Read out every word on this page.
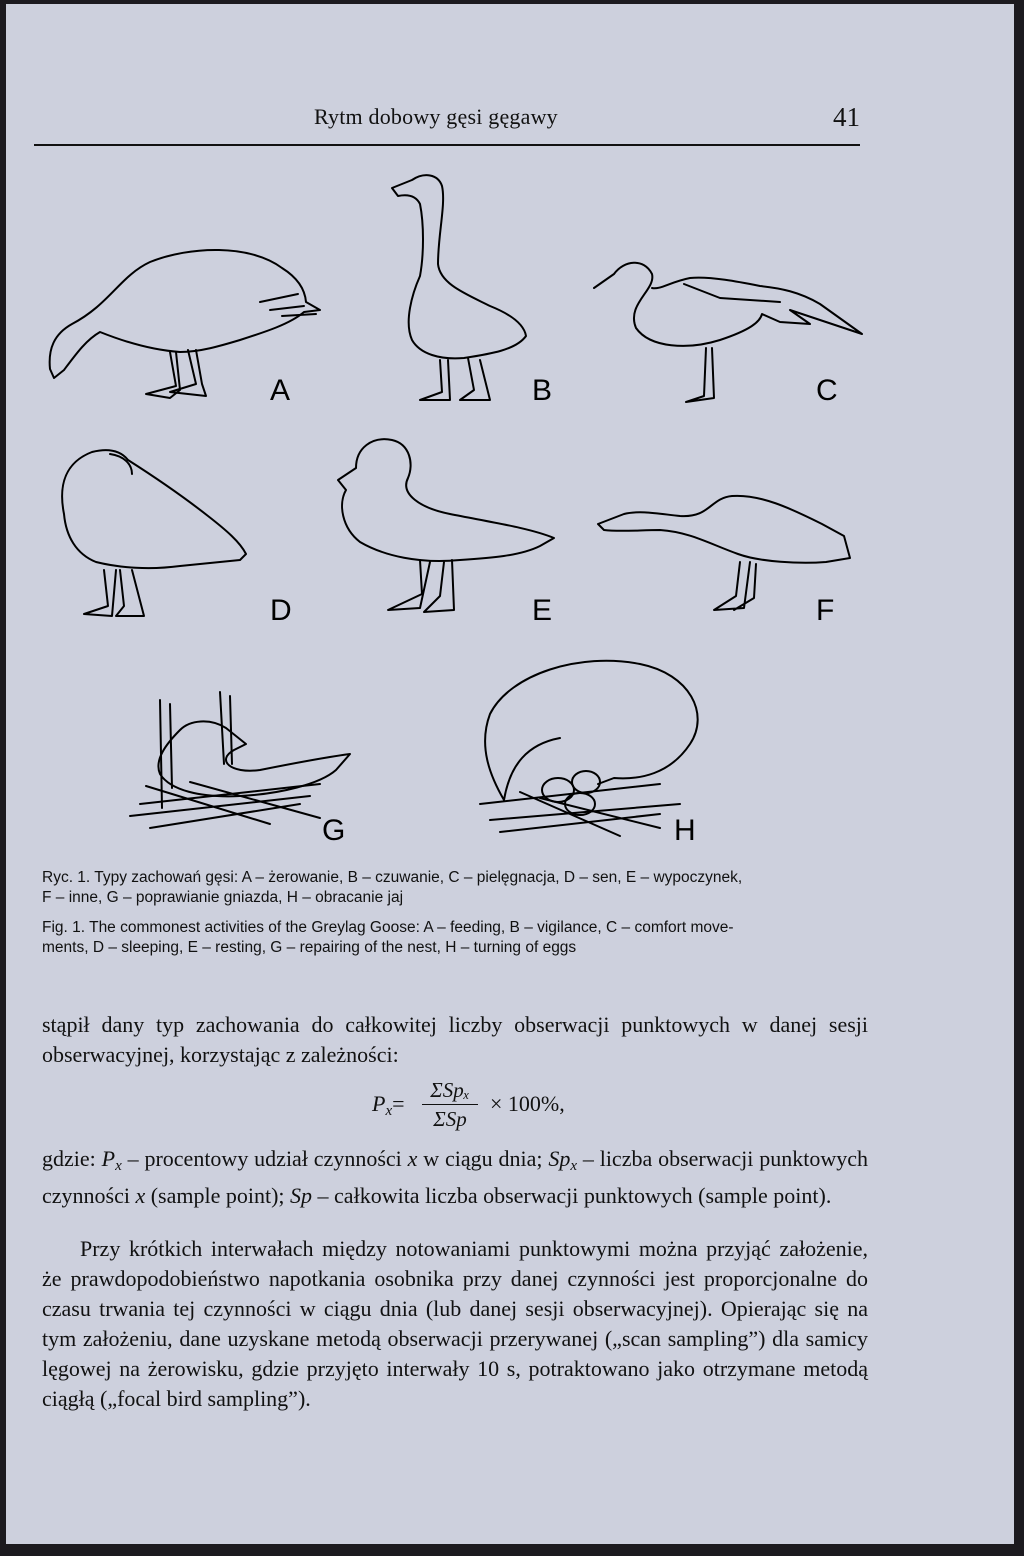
Rytm dobowy gęsi gęgawy	41
A	B	C
D	E	F
G	H
Ryc. 1. Typy zachowań gęsi: A – żerowanie, B – czuwanie, C – pielęgnacja, D – sen, E – wypoczynek,
F – inne, G – poprawianie gniazda, H – obracanie jaj
Fig. 1. The commonest activities of the Greylag Goose: A – feeding, B – vigilance, C – comfort move-
ments, D – sleeping, E – resting, G – repairing of the nest, H – turning of eggs
stąpił dany typ zachowania do całkowitej liczby obserwacji punktowych w danej sesji obserwacyjnej, korzystając z zależności:
$P_x=$
ΣSpₓ
ΣSp
× 100%,
gdzie: $P_x$ – procentowy udział czynności x w ciągu dnia; $Sp_x$ – liczba obserwacji punktowych czynności x (sample point); Sp – całkowita liczba obserwacji punktowych (sample point).
Przy krótkich interwałach między notowaniami punktowymi można przyjąć założenie, że prawdopodobieństwo napotkania osobnika przy danej czynności jest proporcjonalne do czasu trwania tej czynności w ciągu dnia (lub danej sesji obserwacyjnej). Opierając się na tym założeniu, dane uzyskane metodą obserwacji przerywanej („scan sampling”) dla samicy lęgowej na żerowisku, gdzie przyjęto interwały 10 s, potraktowano jako otrzymane metodą ciągłą („focal bird sampling”).
